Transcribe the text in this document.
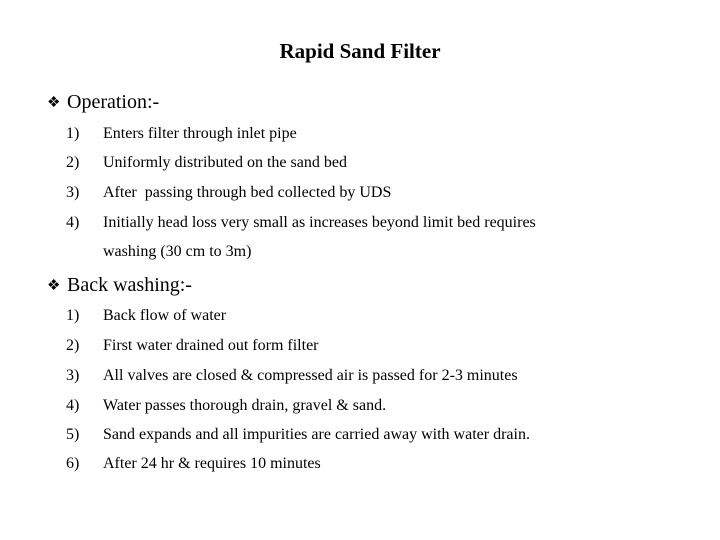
Rapid Sand Filter
❖ Operation:-
1) Enters filter through inlet pipe
2) Uniformly distributed on the sand bed
3) After  passing through bed collected by UDS
4) Initially head loss very small as increases beyond limit bed requires
washing (30 cm to 3m)
❖ Back washing:-
1) Back flow of water
2) First water drained out form filter
3) All valves are closed & compressed air is passed for 2-3 minutes
4) Water passes thorough drain, gravel & sand.
5) Sand expands and all impurities are carried away with water drain.
6) After 24 hr & requires 10 minutes
